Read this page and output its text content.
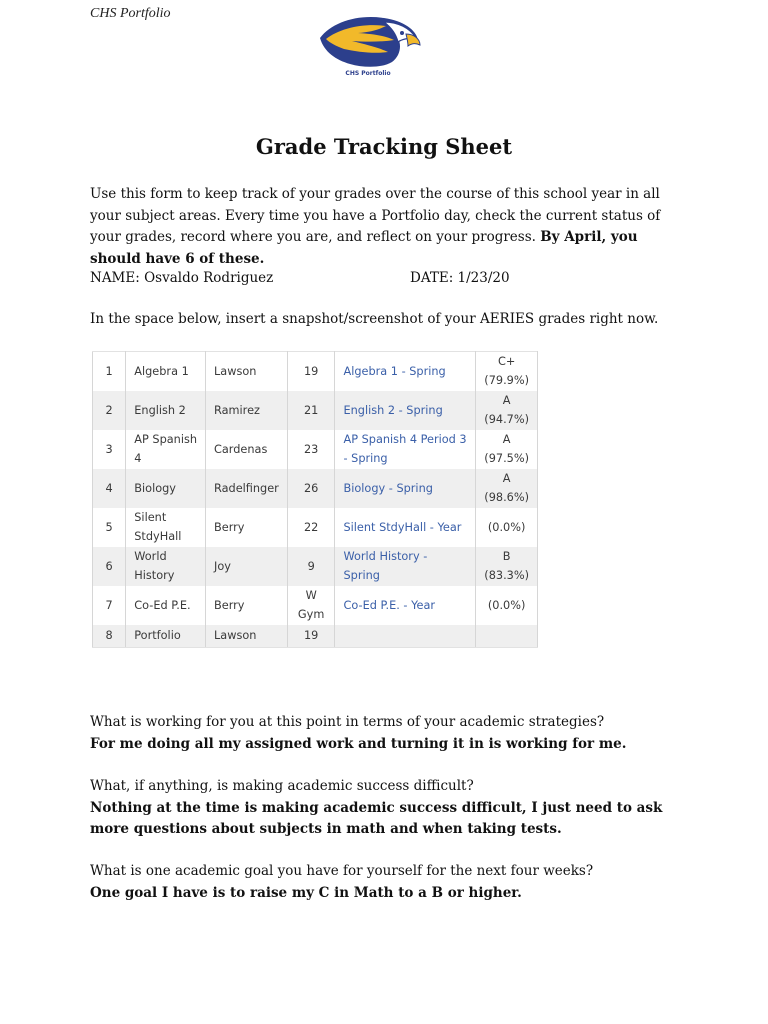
CHS Portfolio
CHS Portfolio
Grade Tracking Sheet
Use this form to keep track of your grades over the course of this school year in all your subject areas. Every time you have a Portfolio day, check the current status of your grades, record where you are, and reflect on your progress. By April, you should have 6 of these.
NAME: Osvaldo Rodriguez	DATE: 1/23/20
In the space below, insert a snapshot/screenshot of your AERIES grades right now.
1	Algebra 1	Lawson	19	Algebra 1 - Spring	C+
(79.9%)

2	English 2	Ramirez	21	English 2 - Spring	A
(94.7%)

3	AP Spanish 4	Cardenas	23	AP Spanish 4 Period 3 - Spring	A
(97.5%)

4	Biology	Radelfinger	26	Biology - Spring	A
(98.6%)

5	Silent StdyHall	Berry	22	Silent StdyHall - Year	(0.0%)

6	World History	Joy	9	World History - Spring	B
(83.3%)

7	Co-Ed P.E.	Berry	W Gym	Co-Ed P.E. - Year	(0.0%)

8	Portfolio	Lawson	19		
What is working for you at this point in terms of your academic strategies?
For me doing all my assigned work and turning it in is working for me.
What, if anything, is making academic success difficult?
Nothing at the time is making academic success difficult, I just need to ask more questions about subjects in math and when taking tests.
What is one academic goal you have for yourself for the next four weeks?
One goal I have is to raise my C in Math to a B or higher.
